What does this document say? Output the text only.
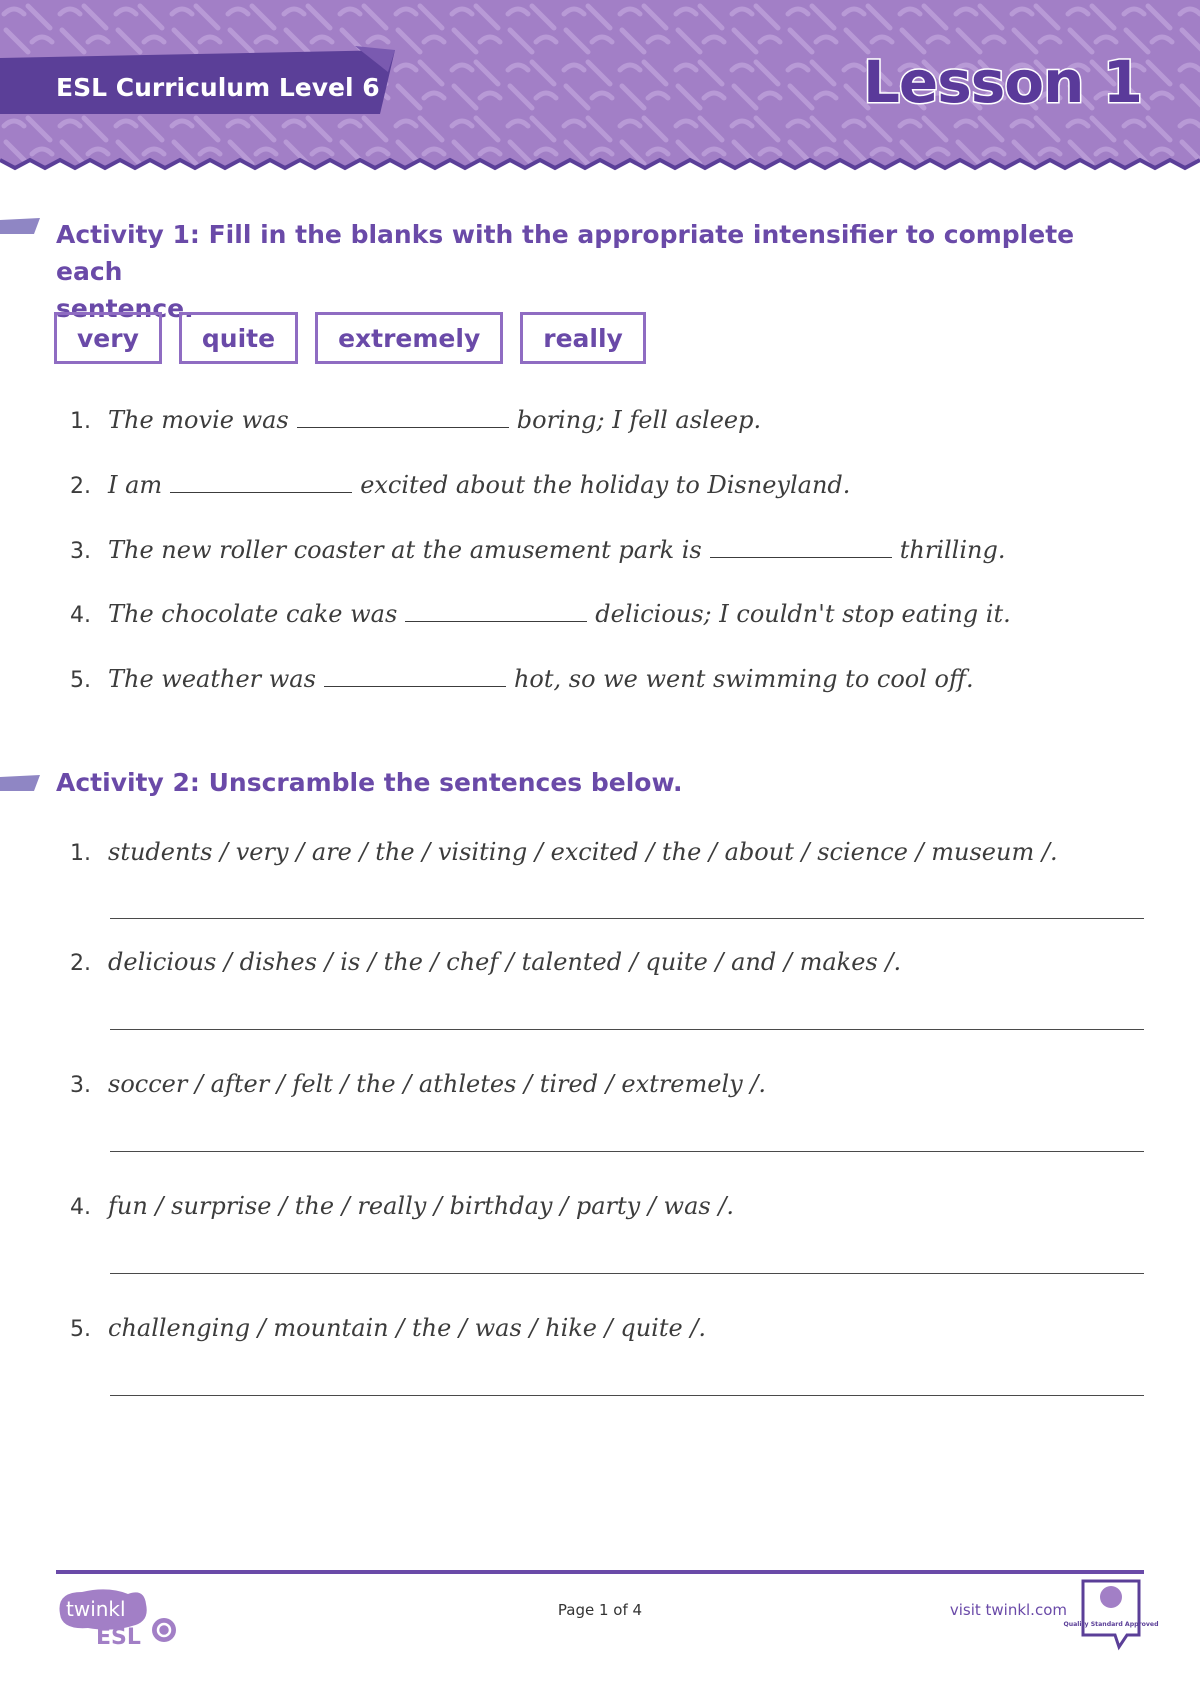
ESL Curriculum Level 6	Lesson 1
Activity 1: Fill in the blanks with the appropriate intensifier to complete each
sentence.
very	quite	extremely	really
1. The movie was	boring; I fell asleep.
2. I am	excited about the holiday to Disneyland.
3. The new roller coaster at the amusement park is	thrilling.
4. The chocolate cake was	delicious; I couldn't stop eating it.
5. The weather was	hot, so we went swimming to cool off.
Activity 2: Unscramble the sentences below.
1. students / very / are / the / visiting / excited / the / about / science / museum /.
2. delicious / dishes / is / the / chef / talented / quite / and / makes /.
3. soccer / after / felt / the / athletes / tired / extremely /.
4. fun / surprise / the / really / birthday / party / was /.
5. challenging / mountain / the / was / hike / quite /.
twinkl
ESL
Page 1 of 4	visit twinkl.com
Quality Standard Approved
